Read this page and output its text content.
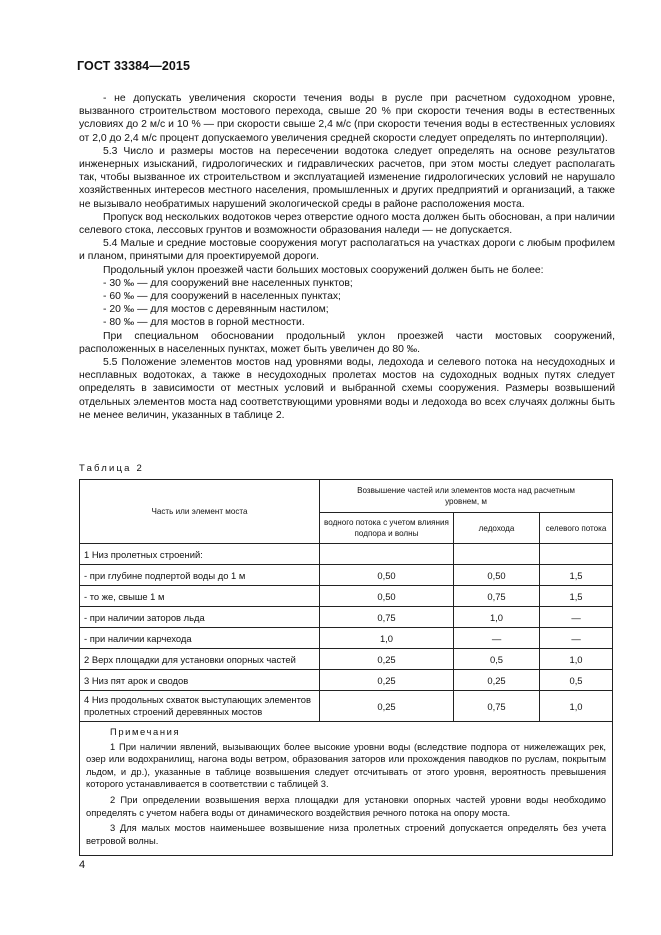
ГОСТ 33384—2015

- не допускать увеличения скорости течения воды в русле при расчетном судоходном уровне, вызванного строительством мостового перехода, свыше 20 % при скорости течения воды в естественных условиях до 2 м/с и 10 % — при скорости свыше 2,4 м/с (при скорости течения воды в естественных условиях от 2,0 до 2,4 м/с процент допускаемого увеличения средней скорости следует определять по интерполяции).

5.3 Число и размеры мостов на пересечении водотока следует определять на основе результатов инженерных изысканий, гидрологических и гидравлических расчетов, при этом мосты следует располагать так, чтобы вызванное их строительством и эксплуатацией изменение гидрологических условий не нарушало хозяйственных интересов местного населения, промышленных и других предприятий и организаций, а также не вызывало необратимых нарушений экологической среды в районе расположения моста.

Пропуск вод нескольких водотоков через отверстие одного моста должен быть обоснован, а при наличии селевого стока, лессовых грунтов и возможности образования наледи — не допускается.

5.4 Малые и средние мостовые сооружения могут располагаться на участках дороги с любым профилем и планом, принятыми для проектируемой дороги.

Продольный уклон проезжей части больших мостовых сооружений должен быть не более:

- 30 ‰ — для сооружений вне населенных пунктов;

- 60 ‰ — для сооружений в населенных пунктах;

- 20 ‰ — для мостов с деревянным настилом;

- 80 ‰ — для мостов в горной местности.

При специальном обосновании продольный уклон проезжей части мостовых сооружений, расположенных в населенных пунктах, может быть увеличен до 80 ‰.

5.5 Положение элементов мостов над уровнями воды, ледохода и селевого потока на несудоходных и несплавных водотоках, а также в несудоходных пролетах мостов на судоходных водных путях следует определять в зависимости от местных условий и выбранной схемы сооружения. Размеры возвышений отдельных элементов моста над соответствующими уровнями воды и ледохода во всех случаях должны быть не менее величин, указанных в таблице 2.

Таблица 2
Часть или элемент моста	Возвышение частей или элементов моста над расчетным уровнем, м		
	водного потока с учетом влияния подпора и волны	ледохода	селевого потока
1 Низ пролетных строений:			
- при глубине подпертой воды до 1 м	0,50	0,50	1,5
- то же, свыше 1 м	0,50	0,75	1,5
- при наличии заторов льда	0,75	1,0	—
- при наличии карчехода	1,0	—	—
2 Верх площадки для установки опорных частей	0,25	0,5	1,0
3 Низ пят арок и сводов	0,25	0,25	0,5
4 Низ продольных схваток выступающих элементов пролетных строений деревянных мостов	0,25	0,75	1,0

Примечания

1 При наличии явлений, вызывающих более высокие уровни воды (вследствие подпора от нижележащих рек, озер или водохранилищ, нагона воды ветром, образования заторов или прохождения паводков по руслам, покрытым льдом, и др.), указанные в таблице возвышения следует отсчитывать от этого уровня, вероятность превышения которого устанавливается в соответствии с таблицей 3.

2 При определении возвышения верха площадки для установки опорных частей уровни воды необходимо определять с учетом набега воды от динамического воздействия речного потока на опору моста.

3 Для малых мостов наименьшее возвышение низа пролетных строений допускается определять без учета ветровой волны.			

4
